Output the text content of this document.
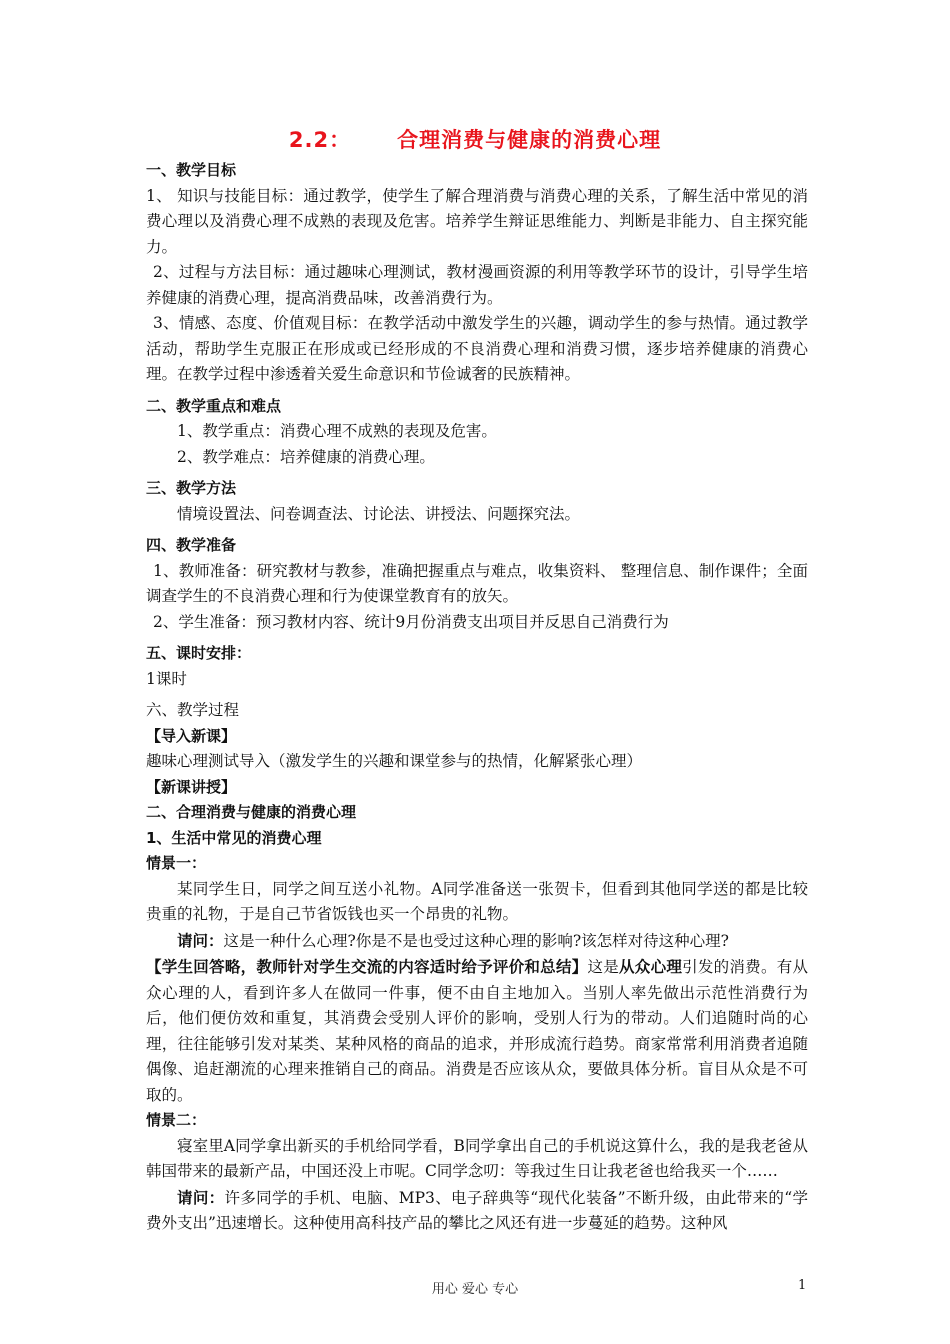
2.2： 合理消费与健康的消费心理
一、教学目标

1、 知识与技能目标：通过教学，使学生了解合理消费与消费心理的关系，了解生活中常见的消费心理以及消费心理不成熟的表现及危害。培养学生辩证思维能力、判断是非能力、自主探究能力。

2、过程与方法目标：通过趣味心理测试，教材漫画资源的利用等教学环节的设计，引导学生培养健康的消费心理，提高消费品味，改善消费行为。

3、情感、态度、价值观目标：在教学活动中激发学生的兴趣，调动学生的参与热情。通过教学活动，帮助学生克服正在形成或已经形成的不良消费心理和消费习惯，逐步培养健康的消费心理。在教学过程中渗透着关爱生命意识和节俭诚奢的民族精神。

二、教学重点和难点

1、教学重点：消费心理不成熟的表现及危害。

2、教学难点：培养健康的消费心理。

三、教学方法

情境设置法、问卷调查法、讨论法、讲授法、问题探究法。

四、教学准备

1、教师准备：研究教材与教参，准确把握重点与难点，收集资料、 整理信息、制作课件；全面调查学生的不良消费心理和行为使课堂教育有的放矢。

2、学生准备：预习教材内容、统计9月份消费支出项目并反思自己消费行为

五、课时安排：

1课时

六、教学过程
【导入新课】

趣味心理测试导入（激发学生的兴趣和课堂参与的热情，化解紧张心理）

【新课讲授】
二、合理消费与健康的消费心理
1、生活中常见的消费心理
情景一：

某同学生日，同学之间互送小礼物。A同学准备送一张贺卡，但看到其他同学送的都是比较贵重的礼物，于是自己节省饭钱也买一个昂贵的礼物。

请问：这是一种什么心理?你是不是也受过这种心理的影响?该怎样对待这种心理?

【学生回答略，教师针对学生交流的内容适时给予评价和总结】这是从众心理引发的消费。有从众心理的人，看到许多人在做同一件事，便不由自主地加入。当别人率先做出示范性消费行为后，他们便仿效和重复，其消费会受别人评价的影响，受别人行为的带动。人们追随时尚的心理，往往能够引发对某类、某种风格的商品的追求，并形成流行趋势。商家常常利用消费者追随偶像、追赶潮流的心理来推销自己的商品。消费是否应该从众，要做具体分析。盲目从众是不可取的。

情景二：

寝室里A同学拿出新买的手机给同学看，B同学拿出自己的手机说这算什么，我的是我老爸从韩国带来的最新产品，中国还没上市呢。C同学念叨：等我过生日让我老爸也给我买一个……

请问：许多同学的手机、电脑、MP3、电子辞典等“现代化装备”不断升级，由此带来的“学费外支出”迅速增长。这种使用高科技产品的攀比之风还有进一步蔓延的趋势。这种风

用心 爱心 专心	1
